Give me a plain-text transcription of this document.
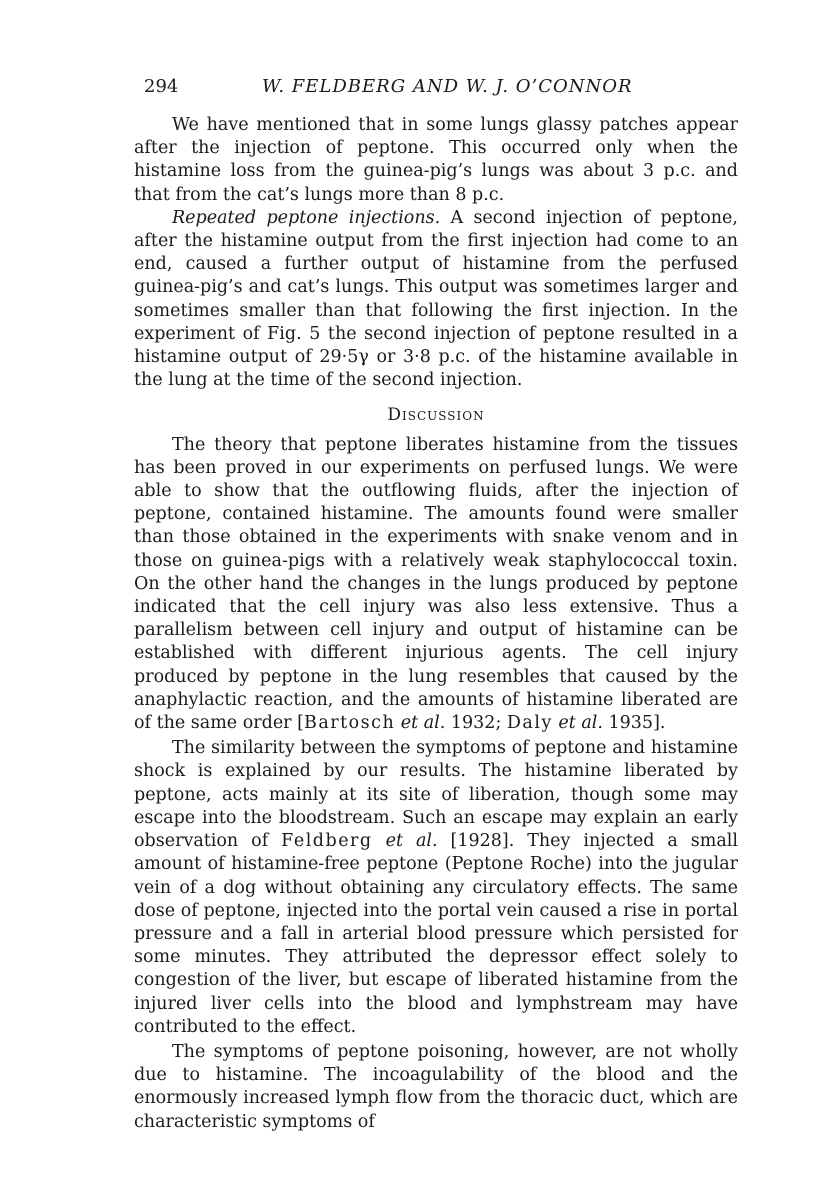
294	W. FELDBERG AND W. J. O’CONNOR

We have mentioned that in some lungs glassy patches appear after the injection of peptone. This occurred only when the histamine loss from the guinea-pig’s lungs was about 3 p.c. and that from the cat’s lungs more than 8 p.c.

Repeated peptone injections. A second injection of peptone, after the histamine output from the first injection had come to an end, caused a further output of histamine from the perfused guinea-pig’s and cat’s lungs. This output was sometimes larger and sometimes smaller than that following the first injection. In the experiment of Fig. 5 the second injection of peptone resulted in a histamine output of 29·5γ or 3·8 p.c. of the histamine available in the lung at the time of the second injection.

Discussion

The theory that peptone liberates histamine from the tissues has been proved in our experiments on perfused lungs. We were able to show that the outflowing fluids, after the injection of peptone, contained histamine. The amounts found were smaller than those obtained in the experiments with snake venom and in those on guinea-pigs with a relatively weak staphylococcal toxin. On the other hand the changes in the lungs produced by peptone indicated that the cell injury was also less extensive. Thus a parallelism between cell injury and output of histamine can be established with different injurious agents. The cell injury produced by peptone in the lung resembles that caused by the anaphylactic reaction, and the amounts of histamine liberated are of the same order [Bartosch et al. 1932; Daly et al. 1935].

The similarity between the symptoms of peptone and histamine shock is explained by our results. The histamine liberated by peptone, acts mainly at its site of liberation, though some may escape into the bloodstream. Such an escape may explain an early observation of Feldberg et al. [1928]. They injected a small amount of histamine-free peptone (Peptone Roche) into the jugular vein of a dog without obtaining any circulatory effects. The same dose of peptone, injected into the portal vein caused a rise in portal pressure and a fall in arterial blood pressure which persisted for some minutes. They attributed the depressor effect solely to congestion of the liver, but escape of liberated histamine from the injured liver cells into the blood and lymphstream may have contributed to the effect.

The symptoms of peptone poisoning, however, are not wholly due to histamine. The incoagulability of the blood and the enormously increased lymph flow from the thoracic duct, which are characteristic symptoms of
